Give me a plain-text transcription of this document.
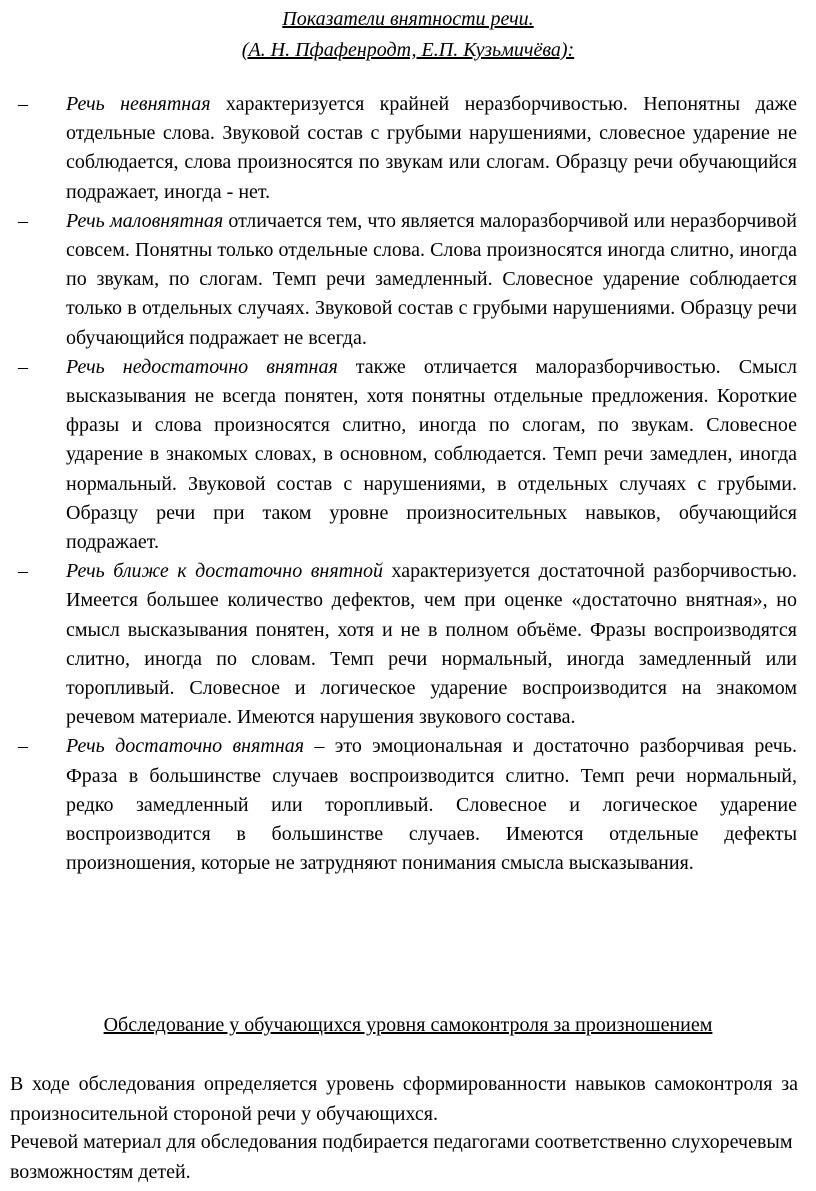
Показатели внятности речи.
(А. Н. Пфафенродт, Е.П. Кузьмичёва):
–	Речь невнятная характеризуется крайней неразборчивостью. Непонятны даже отдельные слова. Звуковой состав с грубыми нарушениями, словесное ударение не соблюдается, слова произносятся по звукам или слогам. Образцу речи обучающийся подражает, иногда - нет.
–	Речь маловнятная отличается тем, что является малоразборчивой или неразборчивой совсем. Понятны только отдельные слова. Слова произносятся иногда слитно, иногда по звукам, по слогам. Темп речи замедленный. Словесное ударение соблюдается только в отдельных случаях. Звуковой состав с грубыми нарушениями. Образцу речи обучающийся подражает не всегда.
–	Речь недостаточно внятная также отличается малоразборчивостью. Смысл высказывания не всегда понятен, хотя понятны отдельные предложения. Короткие фразы и слова произносятся слитно, иногда по слогам, по звукам. Словесное ударение в знакомых словах, в основном, соблюдается. Темп речи замедлен, иногда нормальный. Звуковой состав с нарушениями, в отдельных случаях с грубыми. Образцу речи при таком уровне произносительных навыков, обучающийся подражает.
–	Речь ближе к достаточно внятной характеризуется достаточной разборчивостью. Имеется большее количество дефектов, чем при оценке «достаточно внятная», но смысл высказывания понятен, хотя и не в полном объёме. Фразы воспроизводятся слитно, иногда по словам. Темп речи нормальный, иногда замедленный или торопливый. Словесное и логическое ударение воспроизводится на знакомом речевом материале. Имеются нарушения звукового состава.
–	Речь достаточно внятная – это эмоциональная и достаточно разборчивая речь. Фраза в большинстве случаев воспроизводится слитно. Темп речи нормальный, редко замедленный или торопливый. Словесное и логическое ударение воспроизводится в большинстве случаев. Имеются отдельные дефекты произношения, которые не затрудняют понимания смысла высказывания.
Обследование у обучающихся уровня самоконтроля за произношением
В ходе обследования определяется уровень сформированности навыков самоконтроля за произносительной стороной речи у обучающихся.
Речевой материал для обследования подбирается педагогами соответственно слухоречевым возможностям детей.
